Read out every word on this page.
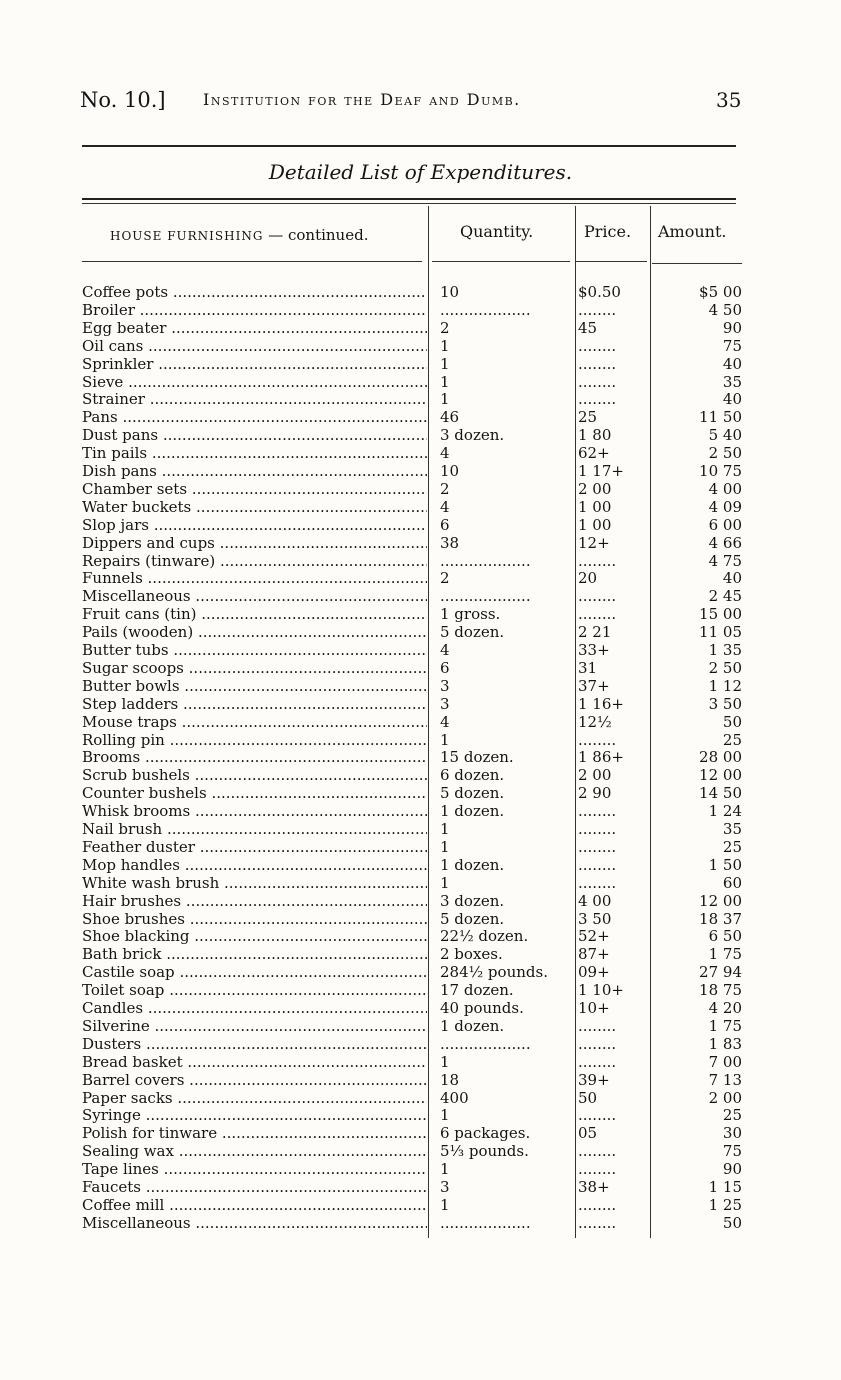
No. 10.] Institution for the Deaf and Dumb.	35
Detailed List of Expenditures.
HOUSE FURNISHING — continued.	Quantity.	Price. Amount.
Coffee pots .....	10	$0.50	$5 00
Broiler .....	...................	........	4 50
Egg beater .....	2	45	90
Oil cans .....	1	........	75
Sprinkler .....	1	........	40
Sieve .....	1	........	35
Strainer .....	1	........	40
Pans .....	46	25	11 50
Dust pans .....	3 dozen.	1 80	5 40
Tin pails .....	4	62+	2 50
Dish pans .....	10	1 17+	10 75
Chamber sets .....	2	2 00	4 00
Water buckets .....	4	1 00	4 09
Slop jars .....	6	1 00	6 00
Dippers and cups .....	38	12+	4 66
Repairs (tinware) .....	...................	........	4 75
Funnels .....	2	20	40
Miscellaneous .....	...................	........	2 45
Fruit cans (tin) .....	1 gross.	........	15 00
Pails (wooden) .....	5 dozen.	2 21	11 05
Butter tubs .....	4	33+	1 35
Sugar scoops .....	6	31	2 50
Butter bowls .....	3	37+	1 12
Step ladders .....	3	1 16+	3 50
Mouse traps .....	4	12½	50
Rolling pin .....	1	........	25
Brooms .....	15 dozen.	1 86+	28 00
Scrub bushels .....	6 dozen.	2 00	12 00
Counter bushels .....	5 dozen.	2 90	14 50
Whisk brooms .....	1 dozen.	........	1 24
Nail brush .....	1	........	35
Feather duster .....	1	........	25
Mop handles .....	1 dozen.	........	1 50
White wash brush .....	1	........	60
Hair brushes .....	3 dozen.	4 00	12 00
Shoe brushes .....	5 dozen.	3 50	18 37
Shoe blacking .....	22½ dozen.	52+	6 50
Bath brick .....	2 boxes.	87+	1 75
Castile soap .....	284½ pounds.	09+	27 94
Toilet soap .....	17 dozen.	1 10+	18 75
Candles .....	40 pounds.	10+	4 20
Silverine .....	1 dozen.	........	1 75
Dusters .....	...................	........	1 83
Bread basket .....	1	........	7 00
Barrel covers .....	18	39+	7 13
Paper sacks .....	400	50	2 00
Syringe .....	1	........	25
Polish for tinware .....	6 packages.	05	30
Sealing wax .....	5⅓ pounds.	........	75
Tape lines .....	1	........	90
Faucets .....	3	38+	1 15
Coffee mill .....	1	........	1 25
Miscellaneous .....	...................	........	50
